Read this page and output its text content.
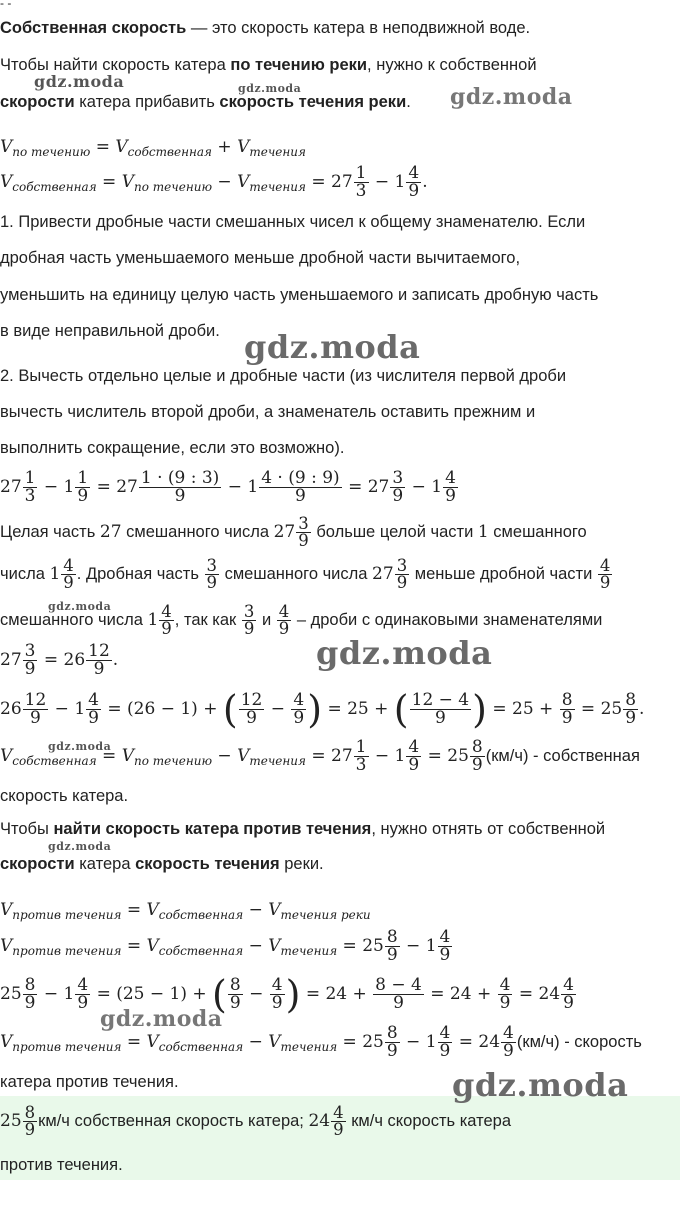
- -
Собственная скорость — это скорость катера в неподвижной воде.
Чтобы найти скорость катера по течению реки, нужно к собственной
скорости катера прибавить скорость течения реки.
$V_{по течению} = V_{собственная} + V_{течения}$
$V_{собственная} = V_{по течению} - V_{течения} = 27 \frac{1}{3} - 1 \frac{4}{9}$ .
1. Привести дробные части смешанных чисел к общему знаменателю. Если
дробная часть уменьшаемого меньше дробной части вычитаемого,
уменьшить на единицу целую часть уменьшаемого и записать дробную часть
в виде неправильной дроби.
2. Вычесть отдельно целые и дробные части (из числителя первой дроби
вычесть числитель второй дроби, а знаменатель оставить прежним и
выполнить сокращение, если это возможно).
$27 \frac{1}{3} - 1 \frac{1}{9} = 27 \frac{1 \cdot (9 : 3)}{9} - 1 \frac{4 \cdot (9 : 9)}{9} = 27 \frac{3}{9} - 1 \frac{4}{9}$
Целая часть 27 смешанного числа $27 \frac{3}{9}$ больше целой части 1 смешанного
числа $1 \frac{4}{9}$ . Дробная часть $\frac{3}{9}$ смешанного числа $27 \frac{3}{9}$ меньше дробной части $\frac{4}{9}$
смешанного числа $1 \frac{4}{9}$ , так как $\frac{3}{9}$ и $\frac{4}{9}$ – дроби с одинаковыми знаменателями
$27 \frac{3}{9} = 26 \frac{12}{9}$ .
$26 \frac{12}{9} - 1 \frac{4}{9} = (26 - 1)$ + ( $\frac{12}{9} - \frac{4}{9}$ ) = 25 + ( $\frac{12 - 4}{9}$ ) = $25 + \frac{8}{9} = 25 \frac{8}{9}$ .
$V_{собственная} = V_{по течению} - V_{течения} = 27 \frac{1}{3} - 1 \frac{4}{9} = 25 \frac{8}{9} (км/ч)$ - собственная
скорость катера.
Чтобы найти скорость катера против течения, нужно отнять от собственной
скорости катера скорость течения реки.
$V_{против течения} = V_{собственная} - V_{течения реки}$
$V_{против течения} = V_{собственная} - V_{течения} = 25 \frac{8}{9} - 1 \frac{4}{9}$
$25 \frac{8}{9} - 1 \frac{4}{9} = (25 - 1)$ + ( $\frac{8}{9} - \frac{4}{9}$ ) = $24 + \frac{8 - 4}{9} = 24 + \frac{4}{9} = 24 \frac{4}{9}$
$V_{против течения} = V_{собственная} - V_{течения} = 25 \frac{8}{9} - 1 \frac{4}{9} = 24 \frac{4}{9} (км/ч)$ - скорость
катера против течения.
$25 \frac{8}{9} км/ч$ собственная скорость катера; $24 \frac{4}{9} км/ч$ скорость катера
против течения.
gdz.moda	gdz.moda	gdz.moda
gdz.moda
gdz.moda
gdz.moda
gdz.moda
gdz.moda
gdz.moda
gdz.moda
